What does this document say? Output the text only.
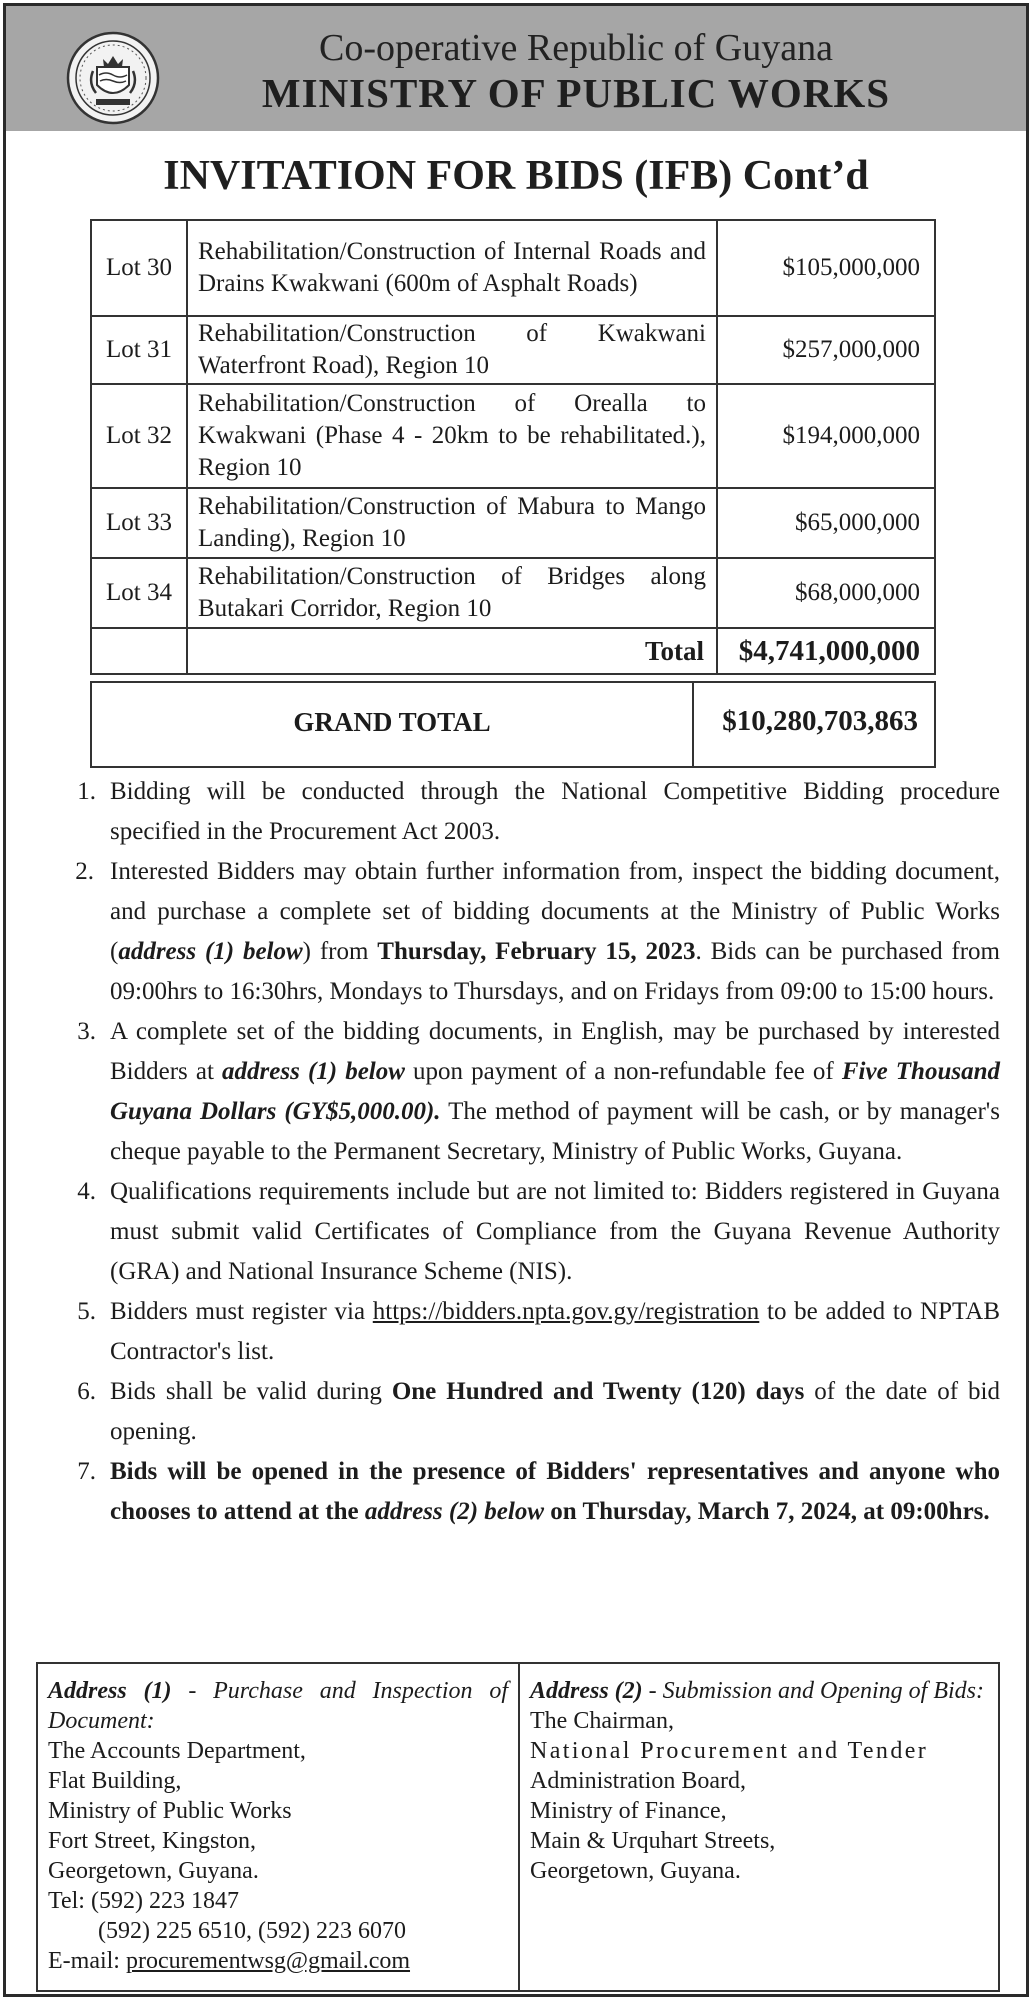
Co-operative Republic of Guyana
MINISTRY OF PUBLIC WORKS
INVITATION FOR BIDS (IFB) Cont’d
Lot 30	Rehabilitation/Construction of Internal Roads and Drains Kwakwani (600m of Asphalt Roads)	$105,000,000
Lot 31	Rehabilitation/Construction of Kwakwani Waterfront Road), Region 10	$257,000,000
Lot 32	Rehabilitation/Construction of Orealla to Kwakwani (Phase 4 - 20km to be rehabilitated.), Region 10	$194,000,000
Lot 33	Rehabilitation/Construction of Mabura to Mango Landing), Region 10	$65,000,000
Lot 34	Rehabilitation/Construction of Bridges along Butakari Corridor, Region 10	$68,000,000
	Total	$4,741,000,000
GRAND TOTAL	$10,280,703,863
1. Bidding will be conducted through the National Competitive Bidding procedure specified in the Procurement Act 2003.
2. Interested Bidders may obtain further information from, inspect the bidding document, and purchase a complete set of bidding documents at the Ministry of Public Works (address (1) below) from Thursday, February 15, 2023. Bids can be purchased from 09:00hrs to 16:30hrs, Mondays to Thursdays, and on Fridays from 09:00 to 15:00 hours.
3. A complete set of the bidding documents, in English, may be purchased by interested Bidders at address (1) below upon payment of a non-refundable fee of Five Thousand Guyana Dollars (GY$5,000.00). The method of payment will be cash, or by manager's cheque payable to the Permanent Secretary, Ministry of Public Works, Guyana.
4. Qualifications requirements include but are not limited to: Bidders registered in Guyana must submit valid Certificates of Compliance from the Guyana Revenue Authority (GRA) and National Insurance Scheme (NIS).
5. Bidders must register via https://bidders.npta.gov.gy/registration to be added to NPTAB Contractor's list.
6. Bids shall be valid during One Hundred and Twenty (120) days of the date of bid opening.
7. Bids will be opened in the presence of Bidders' representatives and anyone who chooses to attend at the address (2) below on Thursday, March 7, 2024, at 09:00hrs.
Address (1) - Purchase and Inspection of Document:
The Accounts Department,
Flat Building,
Ministry of Public Works
Fort Street, Kingston,
Georgetown, Guyana.
Tel: (592) 223 1847
(592) 225 6510, (592) 223 6070
E-mail: procurementwsg@gmail.com
Address (2) - Submission and Opening of Bids:
The Chairman,
National Procurement and Tender
Administration Board,
Ministry of Finance,
Main & Urquhart Streets,
Georgetown, Guyana.
